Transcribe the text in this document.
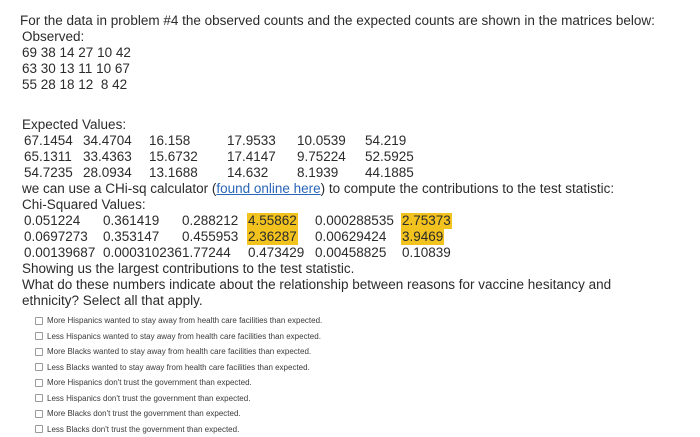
For the data in problem #4 the observed counts and the expected counts are shown in the matrices below:
Observed:
69 38 14 27 10 42
63 30 13 11 10 67
55 28 18 12  8 42
Expected Values:
67.1454 34.4704	16.158	17.9533	10.0539	54.219
65.1311 33.4363	15.6732	17.4147	9.75224	52.5925
54.7235 28.0934	13.1688	14.632	8.1939	44.1885
we can use a CHi-sq calculator (found online here) to compute the contributions to the test statistic:
Chi-Squared Values:
0.051224	0.361419	0.288212 4.55862	0.000288535 2.75373
0.0697273	0.353147	0.455953 2.36287	0.00629424	3.9469
0.00139687 0.000310236 1.77244	0.473429 0.00458825	0.10839
Showing us the largest contributions to the test statistic.
What do these numbers indicate about the relationship between reasons for vaccine hesitancy and ethnicity? Select all that apply.
More Hispanics wanted to stay away from health care facilities than expected.
Less Hispanics wanted to stay away from health care facilities than expected.
More Blacks wanted to stay away from health care facilities than expected.
Less Blacks wanted to stay away from health care facilities than expected.
More Hispanics don't trust the government than expected.
Less Hispanics don't trust the government than expected.
More Blacks don't trust the government than expected.
Less Blacks don't trust the government than expected.
